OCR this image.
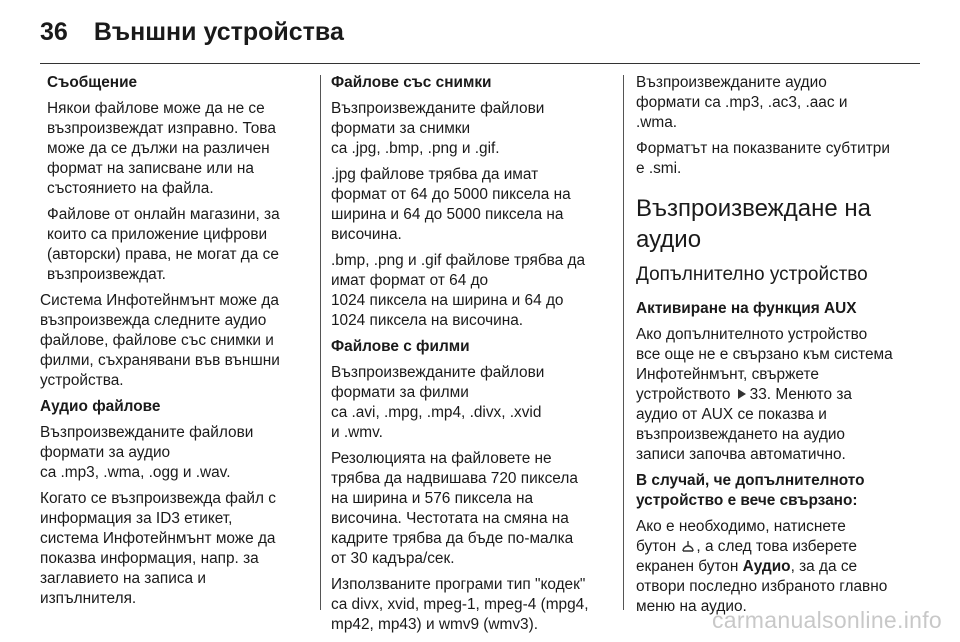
36 Външни устройства

Съобщение

Някои файлове може да не се
възпроизвеждат изправно. Това
може да се дължи на различен
формат на записване или на
състоянието на файла.

Файлове от онлайн магазини, за
които са приложение цифрови
(авторски) права, не могат да се
възпроизвеждат.

Система Инфотейнмънт може да
възпроизвежда следните аудио
файлове, файлове със снимки и
филми, съхранявани във външни
устройства.

Аудио файлове

Възпроизвежданите файлови
формати за аудио
са .mp3, .wma, .ogg и .wav.

Когато се възпроизвежда файл с
информация за ID3 етикет,
система Инфотейнмънт може да
показва информация, напр. за
заглавието на записа и
изпълнителя.

Файлове със снимки

Възпроизвежданите файлови
формати за снимки
са .jpg, .bmp, .png и .gif.

.jpg файлове трябва да имат
формат от 64 до 5000 пиксела на
ширина и 64 до 5000 пиксела на
височина.

.bmp, .png и .gif файлове трябва да
имат формат от 64 до
1024 пиксела на ширина и 64 до
1024 пиксела на височина.

Файлове с филми

Възпроизвежданите файлови
формати за филми
са .avi, .mpg, .mp4, .divx, .xvid
и .wmv.

Резолюцията на файловете не
трябва да надвишава 720 пиксела
на ширина и 576 пиксела на
височина. Честотата на смяна на
кадрите трябва да бъде по-малка
от 30 кадъра/сек.

Използваните програми тип "кодек"
са divx, xvid, mpeg-1, mpeg-4 (mpg4,
mp42, mp43) и wmv9 (wmv3).

Възпроизвежданите аудио
формати са .mp3, .ac3, .aac и
.wma.

Форматът на показваните субтитри
е .smi.

Възпроизвеждане на
аудио
Допълнително устройство

Активиране на функция AUX

Ако допълнителното устройство
все още не е свързано към система
Инфотейнмънт, свържете
устройството 33. Менюто за
аудио от AUX се показва и
възпроизвеждането на аудио
записи започва автоматично.

В случай, че допълнителното
устройство е вече свързано:

Ако е необходимо, натиснете
бутон , а след това изберете
екранен бутон Аудио, за да се
отвори последно избраното главно
меню на аудио.

carmanualsonline.info
